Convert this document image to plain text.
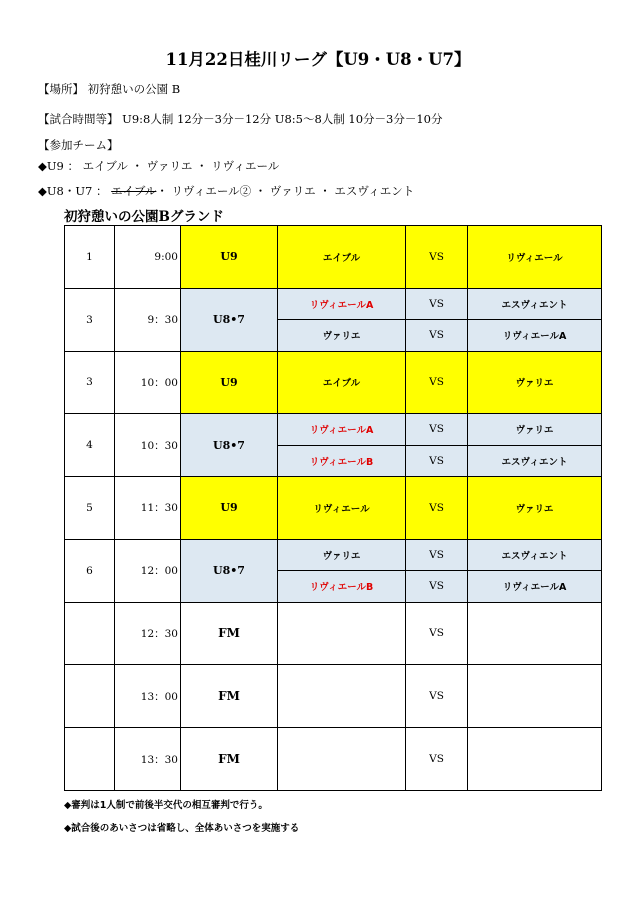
11月22日桂川リーグ【U9・U8・U7】
【場所】 初狩憩いの公園 B
【試合時間等】 U9:8人制 12分－3分－12分 U8:5～8人制 10分－3分－10分
【参加チーム】
◆U9 ： エイブル ・ ヴァリエ ・ リヴィエール
◆U8・U7 ： エイブル・ リヴィエール② ・ ヴァリエ ・ エスヴィエント
初狩憩いの公園Bグランド
1	9:00	U9	エイブル	VS	リヴィエール
3	9：30	U8•7	リヴィエールA	VS	エスヴィエント
			ヴァリエ	VS	リヴィエールA
3	10：00	U9	エイブル	VS	ヴァリエ
4	10：30	U8•7	リヴィエールA	VS	ヴァリエ
			リヴィエールB	VS	エスヴィエント
5	11：30	U9	リヴィエール	VS	ヴァリエ
6	12：00	U8•7	ヴァリエ	VS	エスヴィエント
			リヴィエールB	VS	リヴィエールA
	12：30	FM		VS	
	13：00	FM		VS	
	13：30	FM		VS	
◆審判は1人制で前後半交代の相互審判で行う。
◆試合後のあいさつは省略し、全体あいさつを実施する
